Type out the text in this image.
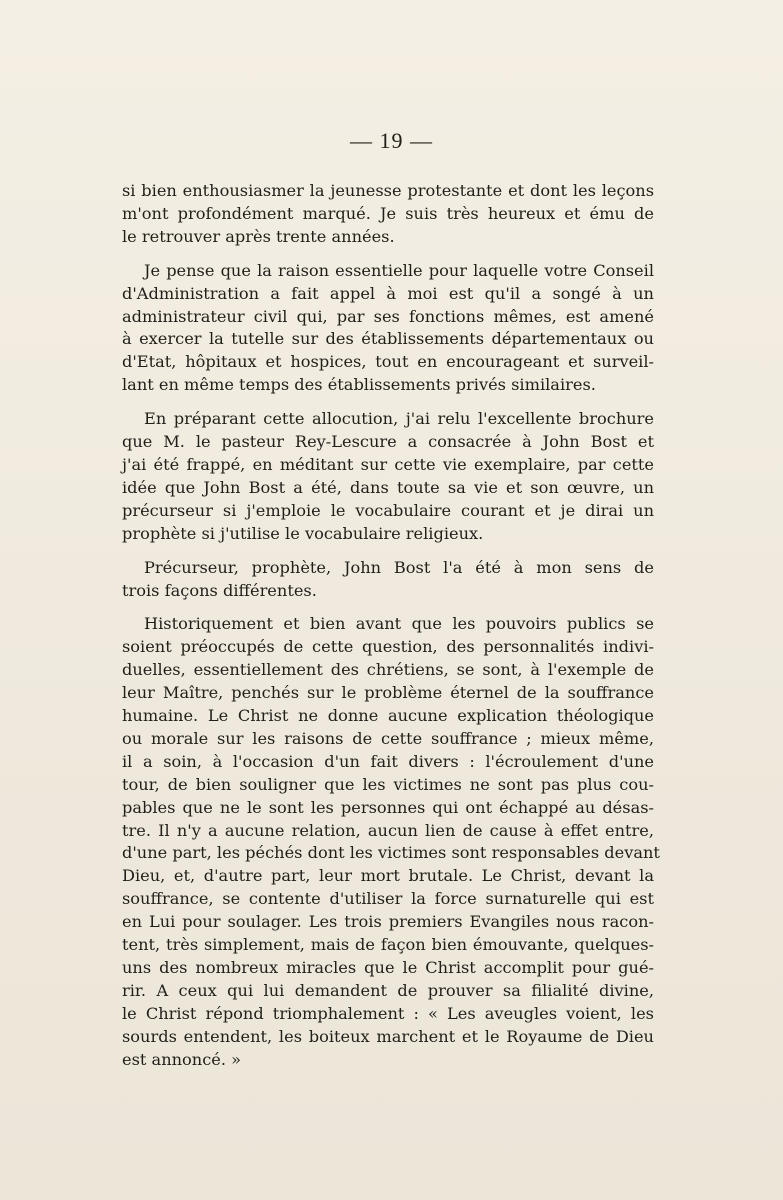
— 19 —
si bien enthousiasmer la jeunesse protestante et dont les leçons
m'ont profondément marqué. Je suis très heureux et ému de
le retrouver après trente années.
Je pense que la raison essentielle pour laquelle votre Conseil
d'Administration a fait appel à moi est qu'il a songé à un
administrateur civil qui, par ses fonctions mêmes, est amené
à exercer la tutelle sur des établissements départementaux ou
d'Etat, hôpitaux et hospices, tout en encourageant et surveil-
lant en même temps des établissements privés similaires.
En préparant cette allocution, j'ai relu l'excellente brochure
que M. le pasteur Rey-Lescure a consacrée à John Bost et
j'ai été frappé, en méditant sur cette vie exemplaire, par cette
idée que John Bost a été, dans toute sa vie et son œuvre, un
précurseur si j'emploie le vocabulaire courant et je dirai un
prophète si j'utilise le vocabulaire religieux.
Précurseur, prophète, John Bost l'a été à mon sens de
trois façons différentes.
Historiquement et bien avant que les pouvoirs publics se
soient préoccupés de cette question, des personnalités indivi-
duelles, essentiellement des chrétiens, se sont, à l'exemple de
leur Maître, penchés sur le problème éternel de la souffrance
humaine. Le Christ ne donne aucune explication théologique
ou morale sur les raisons de cette souffrance ; mieux même,
il a soin, à l'occasion d'un fait divers : l'écroulement d'une
tour, de bien souligner que les victimes ne sont pas plus cou-
pables que ne le sont les personnes qui ont échappé au désas-
tre. Il n'y a aucune relation, aucun lien de cause à effet entre,
d'une part, les péchés dont les victimes sont responsables devant
Dieu, et, d'autre part, leur mort brutale. Le Christ, devant la
souffrance, se contente d'utiliser la force surnaturelle qui est
en Lui pour soulager. Les trois premiers Evangiles nous racon-
tent, très simplement, mais de façon bien émouvante, quelques-
uns des nombreux miracles que le Christ accomplit pour gué-
rir. A ceux qui lui demandent de prouver sa filialité divine,
le Christ répond triomphalement : « Les aveugles voient, les
sourds entendent, les boiteux marchent et le Royaume de Dieu
est annoncé. »
